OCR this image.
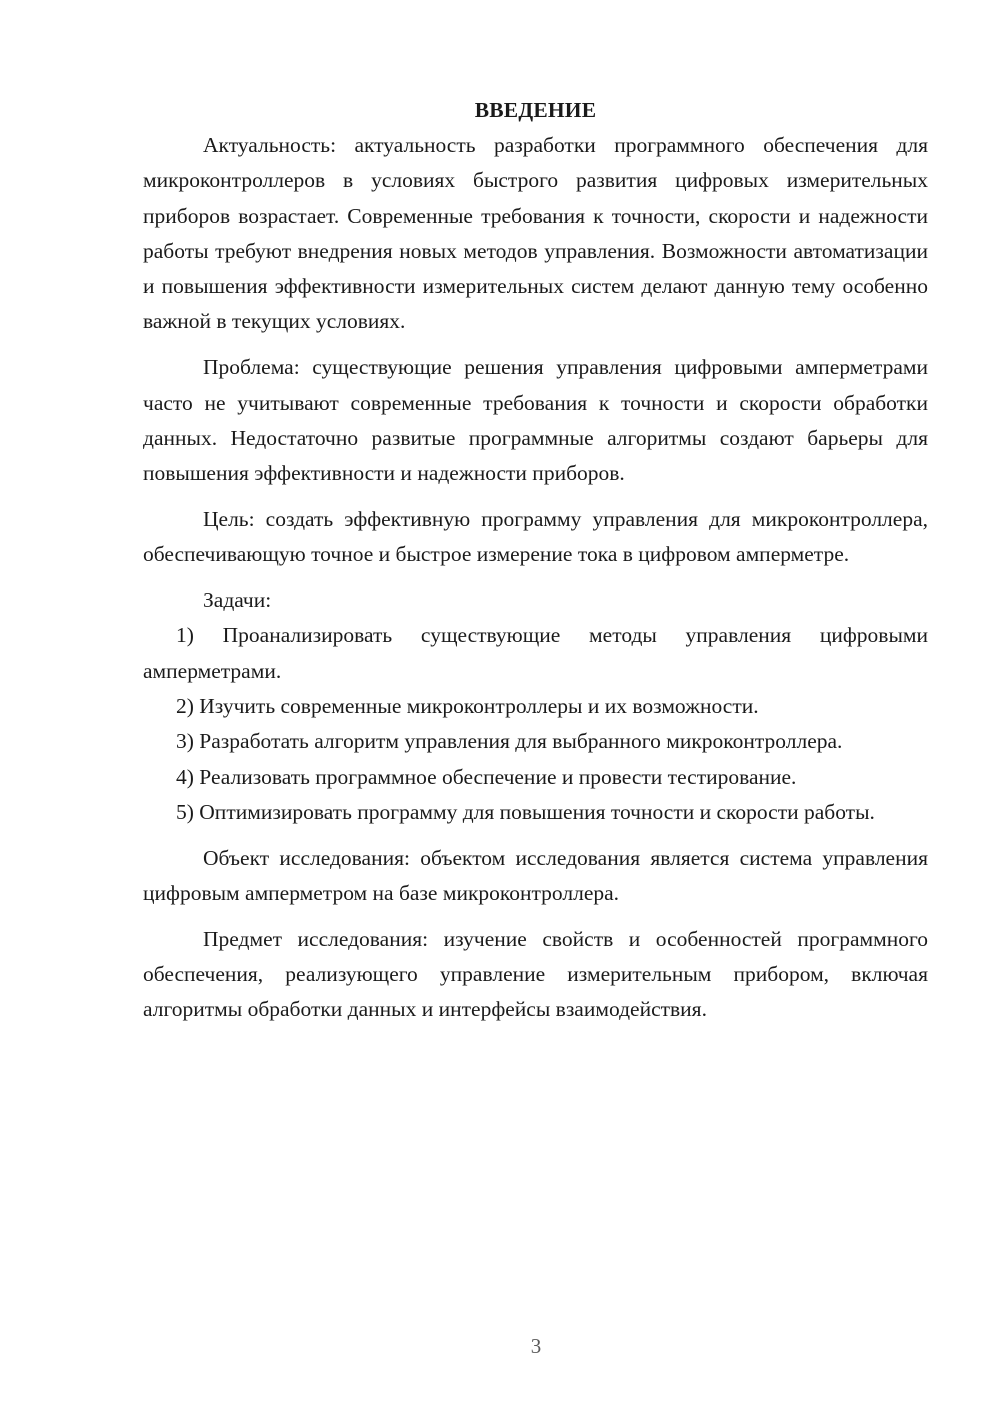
ВВЕДЕНИЕ

Актуальность: актуальность разработки программного обеспечения для микроконтроллеров в условиях быстрого развития цифровых измерительных приборов возрастает. Современные требования к точности, скорости и надежности работы требуют внедрения новых методов управления. Возможности автоматизации и повышения эффективности измерительных систем делают данную тему особенно важной в текущих условиях.

Проблема: существующие решения управления цифровыми амперметрами часто не учитывают современные требования к точности и скорости обработки данных. Недостаточно развитые программные алгоритмы создают барьеры для повышения эффективности и надежности приборов.

Цель: создать эффективную программу управления для микроконтроллера, обеспечивающую точное и быстрое измерение тока в цифровом амперметре.

Задачи:

1) Проанализировать существующие методы управления цифровыми амперметрами.

2) Изучить современные микроконтроллеры и их возможности.

3) Разработать алгоритм управления для выбранного микроконтроллера.

4) Реализовать программное обеспечение и провести тестирование.

5) Оптимизировать программу для повышения точности и скорости работы.

Объект исследования: объектом исследования является система управления цифровым амперметром на базе микроконтроллера.

Предмет исследования: изучение свойств и особенностей программного обеспечения, реализующего управление измерительным прибором, включая алгоритмы обработки данных и интерфейсы взаимодействия.

3
